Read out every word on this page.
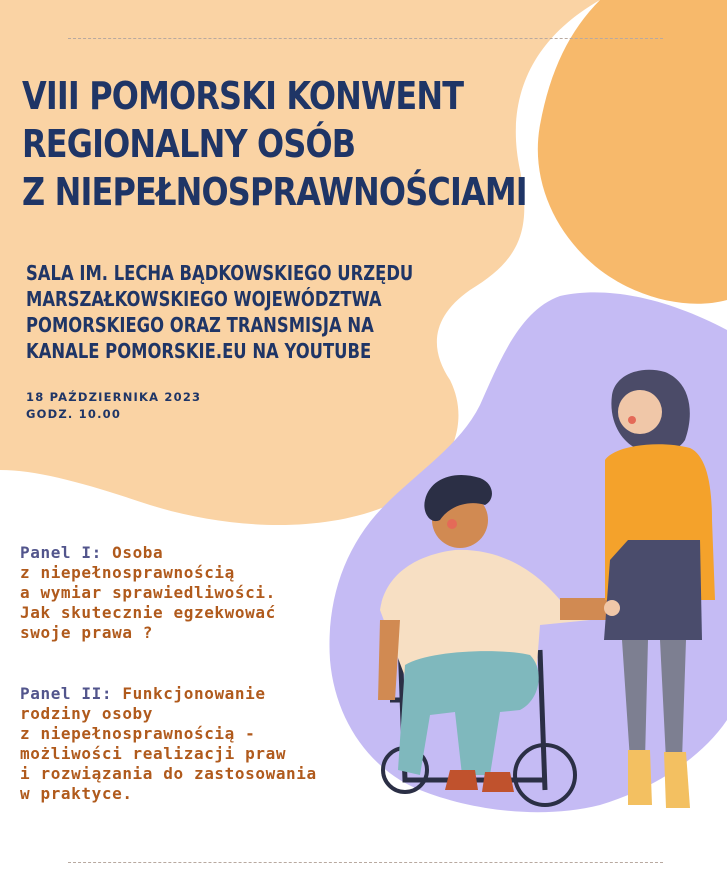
VIII POMORSKI KONWENT
REGIONALNY OSÓB
Z NIEPEŁNOSPRAWNOŚCIAMI

SALA IM. LECHA BĄDKOWSKIEGO URZĘDU
MARSZAŁKOWSKIEGO WOJEWÓDZTWA
POMORSKIEGO ORAZ TRANSMISJA NA
KANALE POMORSKIE.EU NA YOUTUBE

18 PAŹDZIERNIKA 2023
GODZ. 10.00
Panel I: Osoba
z niepełnosprawnością
a wymiar sprawiedliwości.
Jak skutecznie egzekwować
swoje prawa ?
Panel II: Funkcjonowanie
rodziny osoby
z niepełnosprawnością -
możliwości realizacji praw
i rozwiązania do zastosowania
w praktyce.
